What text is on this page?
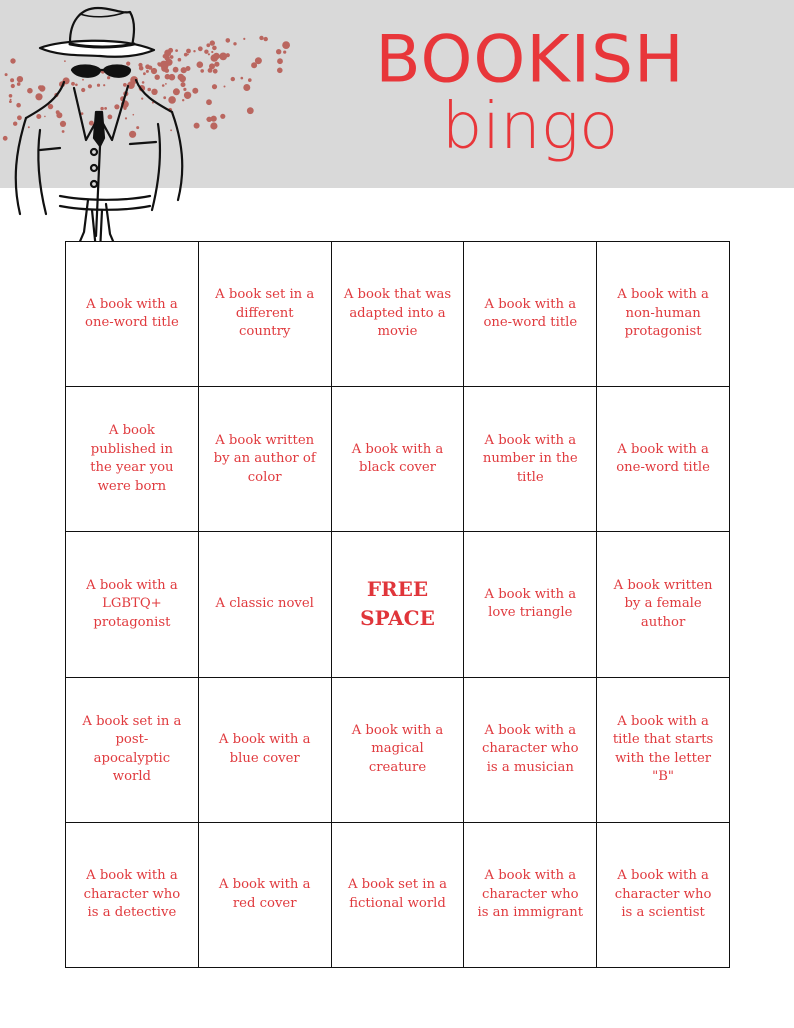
BOOKISH
bingo
A book with a one-word title
A book set in a different country
A book that was adapted into a movie
A book with a one-word title
A book with a non-human protagonist
A book published in the year you were born
A book written by an author of color
A book with a black cover
A book with a number in the title
A book with a one-word title
A book with a LGBTQ+ protagonist
A classic novel
FREE SPACE
A book with a love triangle
A book written by a female author
A book set in a post-apocalyptic world
A book with a blue cover
A book with a magical creature
A book with a character who is a musician
A book with a title that starts with the letter "B"
A book with a character who is a detective
A book with a red cover
A book set in a fictional world
A book with a character who is an immigrant
A book with a character who is a scientist
